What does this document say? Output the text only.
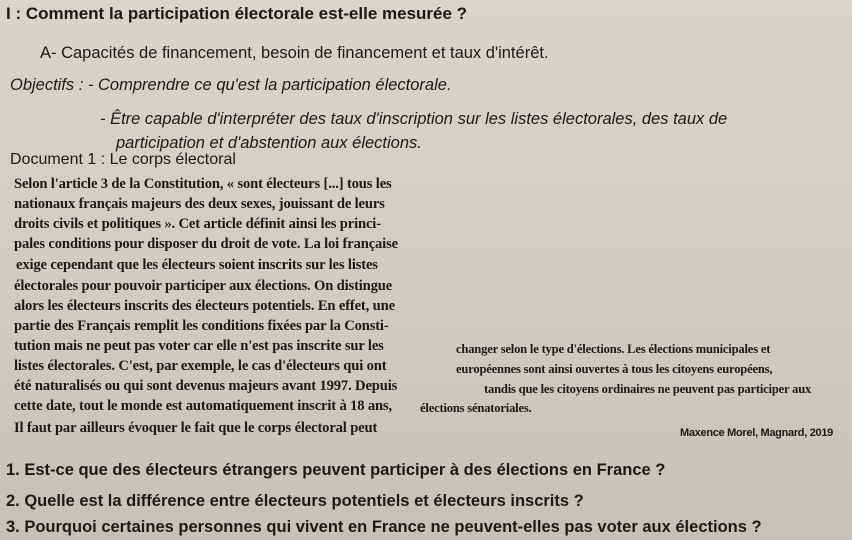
I : Comment la participation électorale est-elle mesurée ?
A- Capacités de financement, besoin de financement et taux d'intérêt.
Objectifs : - Comprendre ce qu'est la participation électorale.
- Être capable d'interpréter des taux d'inscription sur les listes électorales, des taux de
participation et d'abstention aux élections.
Document 1 : Le corps électoral
Selon l'article 3 de la Constitution, « sont électeurs [...] tous les
nationaux français majeurs des deux sexes, jouissant de leurs
droits civils et politiques ». Cet article définit ainsi les princi-
pales conditions pour disposer du droit de vote. La loi française
exige cependant que les électeurs soient inscrits sur les listes
électorales pour pouvoir participer aux élections. On distingue
alors les électeurs inscrits des électeurs potentiels. En effet, une
partie des Français remplit les conditions fixées par la Consti-
tution mais ne peut pas voter car elle n'est pas inscrite sur les
listes électorales. C'est, par exemple, le cas d'électeurs qui ont
été naturalisés ou qui sont devenus majeurs avant 1997. Depuis
cette date, tout le monde est automatiquement inscrit à 18 ans,
Il faut par ailleurs évoquer le fait que le corps électoral peut
changer selon le type d'élections. Les élections municipales et
européennes sont ainsi ouvertes à tous les citoyens européens,
tandis que les citoyens ordinaires ne peuvent pas participer aux
élections sénatoriales.
Maxence Morel, Magnard, 2019
1. Est-ce que des électeurs étrangers peuvent participer à des élections en France ?
2. Quelle est la différence entre électeurs potentiels et électeurs inscrits ?
3. Pourquoi certaines personnes qui vivent en France ne peuvent-elles pas voter aux élections ?
